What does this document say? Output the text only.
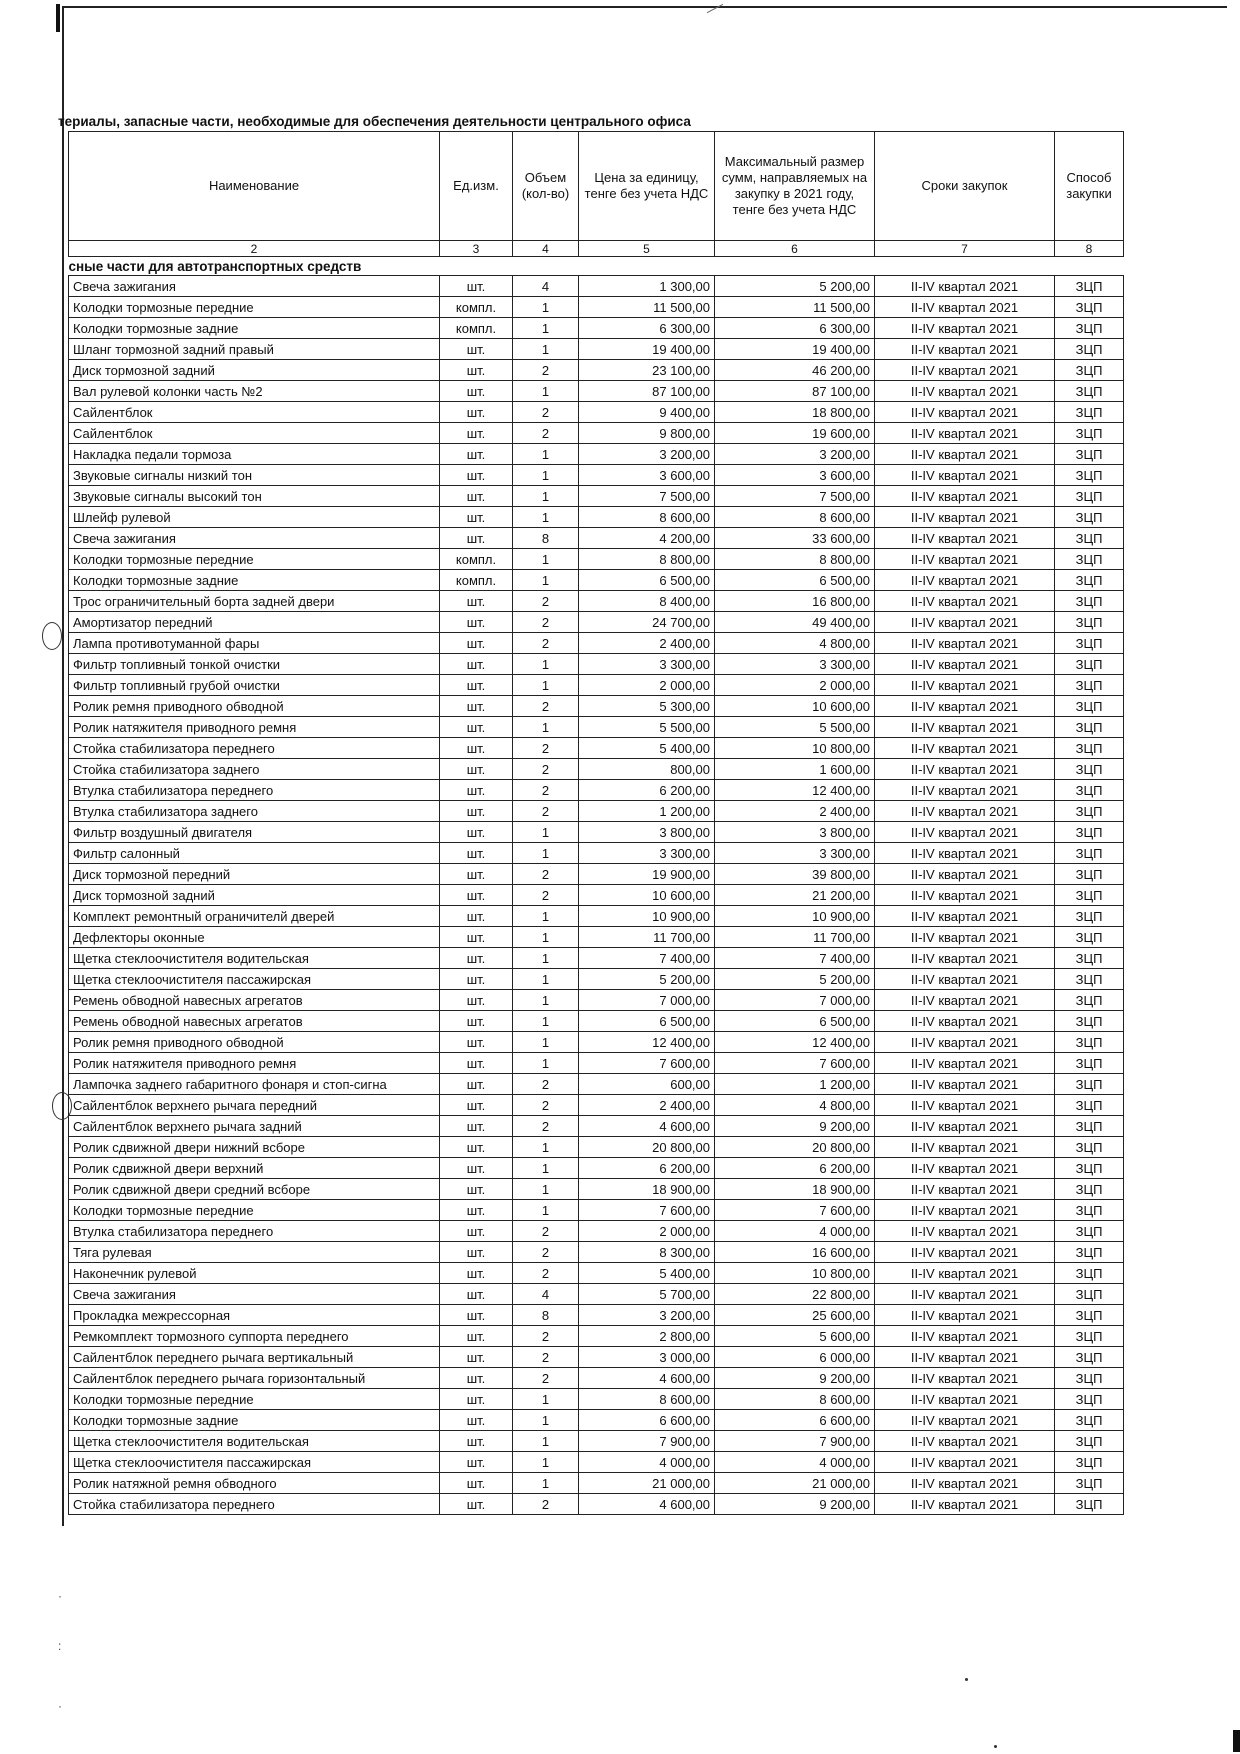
·
:
·
териалы, запасные части, необходимые для обеспечения деятельности центрального офиса
Наименование	Ед.изм.	Объем (кол-во)	Цена за единицу, тенге без учета НДС	Максимальный размер сумм, направляемых на закупку в 2021 году, тенге без учета НДС	Сроки закупок	Способ закупки
2	3	4	5	6	7	8
сные части для автотранспортных средств						
Свеча зажигания	шт.	4	1 300,00	5 200,00	II-IV квартал 2021	ЗЦП
Колодки тормозные передние	компл.	1	11 500,00	11 500,00	II-IV квартал 2021	ЗЦП
Колодки тормозные задние	компл.	1	6 300,00	6 300,00	II-IV квартал 2021	ЗЦП
Шланг тормозной задний правый	шт.	1	19 400,00	19 400,00	II-IV квартал 2021	ЗЦП
Диск тормозной задний	шт.	2	23 100,00	46 200,00	II-IV квартал 2021	ЗЦП
Вал рулевой колонки часть №2	шт.	1	87 100,00	87 100,00	II-IV квартал 2021	ЗЦП
Сайлентблок	шт.	2	9 400,00	18 800,00	II-IV квартал 2021	ЗЦП
Сайлентблок	шт.	2	9 800,00	19 600,00	II-IV квартал 2021	ЗЦП
Накладка педали тормоза	шт.	1	3 200,00	3 200,00	II-IV квартал 2021	ЗЦП
Звуковые сигналы низкий тон	шт.	1	3 600,00	3 600,00	II-IV квартал 2021	ЗЦП
Звуковые сигналы высокий тон	шт.	1	7 500,00	7 500,00	II-IV квартал 2021	ЗЦП
Шлейф рулевой	шт.	1	8 600,00	8 600,00	II-IV квартал 2021	ЗЦП
Свеча зажигания	шт.	8	4 200,00	33 600,00	II-IV квартал 2021	ЗЦП
Колодки тормозные передние	компл.	1	8 800,00	8 800,00	II-IV квартал 2021	ЗЦП
Колодки тормозные задние	компл.	1	6 500,00	6 500,00	II-IV квартал 2021	ЗЦП
Трос ограничительный борта задней двери	шт.	2	8 400,00	16 800,00	II-IV квартал 2021	ЗЦП
Амортизатор передний	шт.	2	24 700,00	49 400,00	II-IV квартал 2021	ЗЦП
Лампа противотуманной фары	шт.	2	2 400,00	4 800,00	II-IV квартал 2021	ЗЦП
Фильтр топливный тонкой очистки	шт.	1	3 300,00	3 300,00	II-IV квартал 2021	ЗЦП
Фильтр топливный грубой очистки	шт.	1	2 000,00	2 000,00	II-IV квартал 2021	ЗЦП
Ролик ремня приводного обводной	шт.	2	5 300,00	10 600,00	II-IV квартал 2021	ЗЦП
Ролик натяжителя приводного ремня	шт.	1	5 500,00	5 500,00	II-IV квартал 2021	ЗЦП
Стойка стабилизатора переднего	шт.	2	5 400,00	10 800,00	II-IV квартал 2021	ЗЦП
Стойка стабилизатора заднего	шт.	2	800,00	1 600,00	II-IV квартал 2021	ЗЦП
Втулка стабилизатора переднего	шт.	2	6 200,00	12 400,00	II-IV квартал 2021	ЗЦП
Втулка стабилизатора заднего	шт.	2	1 200,00	2 400,00	II-IV квартал 2021	ЗЦП
Фильтр воздушный двигателя	шт.	1	3 800,00	3 800,00	II-IV квартал 2021	ЗЦП
Фильтр салонный	шт.	1	3 300,00	3 300,00	II-IV квартал 2021	ЗЦП
Диск тормозной передний	шт.	2	19 900,00	39 800,00	II-IV квартал 2021	ЗЦП
Диск тормозной задний	шт.	2	10 600,00	21 200,00	II-IV квартал 2021	ЗЦП
Комплект ремонтный ограничителй дверей	шт.	1	10 900,00	10 900,00	II-IV квартал 2021	ЗЦП
Дефлекторы оконные	шт.	1	11 700,00	11 700,00	II-IV квартал 2021	ЗЦП
Щетка стеклоочистителя водительская	шт.	1	7 400,00	7 400,00	II-IV квартал 2021	ЗЦП
Щетка стеклоочистителя пассажирская	шт.	1	5 200,00	5 200,00	II-IV квартал 2021	ЗЦП
Ремень обводной навесных агрегатов	шт.	1	7 000,00	7 000,00	II-IV квартал 2021	ЗЦП
Ремень обводной навесных агрегатов	шт.	1	6 500,00	6 500,00	II-IV квартал 2021	ЗЦП
Ролик ремня приводного обводной	шт.	1	12 400,00	12 400,00	II-IV квартал 2021	ЗЦП
Ролик натяжителя приводного ремня	шт.	1	7 600,00	7 600,00	II-IV квартал 2021	ЗЦП
Лампочка заднего габаритного фонаря и стоп-сигна	шт.	2	600,00	1 200,00	II-IV квартал 2021	ЗЦП
Сайлентблок верхнего рычага передний	шт.	2	2 400,00	4 800,00	II-IV квартал 2021	ЗЦП
Сайлентблок верхнего рычага задний	шт.	2	4 600,00	9 200,00	II-IV квартал 2021	ЗЦП
Ролик сдвижной двери нижний всборе	шт.	1	20 800,00	20 800,00	II-IV квартал 2021	ЗЦП
Ролик сдвижной двери верхний	шт.	1	6 200,00	6 200,00	II-IV квартал 2021	ЗЦП
Ролик сдвижной двери средний всборе	шт.	1	18 900,00	18 900,00	II-IV квартал 2021	ЗЦП
Колодки тормозные передние	шт.	1	7 600,00	7 600,00	II-IV квартал 2021	ЗЦП
Втулка стабилизатора переднего	шт.	2	2 000,00	4 000,00	II-IV квартал 2021	ЗЦП
Тяга рулевая	шт.	2	8 300,00	16 600,00	II-IV квартал 2021	ЗЦП
Наконечник рулевой	шт.	2	5 400,00	10 800,00	II-IV квартал 2021	ЗЦП
Свеча зажигания	шт.	4	5 700,00	22 800,00	II-IV квартал 2021	ЗЦП
Прокладка межрессорная	шт.	8	3 200,00	25 600,00	II-IV квартал 2021	ЗЦП
Ремкомплект тормозного суппорта переднего	шт.	2	2 800,00	5 600,00	II-IV квартал 2021	ЗЦП
Сайлентблок переднего рычага вертикальный	шт.	2	3 000,00	6 000,00	II-IV квартал 2021	ЗЦП
Сайлентблок переднего рычага горизонтальный	шт.	2	4 600,00	9 200,00	II-IV квартал 2021	ЗЦП
Колодки тормозные передние	шт.	1	8 600,00	8 600,00	II-IV квартал 2021	ЗЦП
Колодки тормозные задние	шт.	1	6 600,00	6 600,00	II-IV квартал 2021	ЗЦП
Щетка стеклоочистителя водительская	шт.	1	7 900,00	7 900,00	II-IV квартал 2021	ЗЦП
Щетка стеклоочистителя пассажирская	шт.	1	4 000,00	4 000,00	II-IV квартал 2021	ЗЦП
Ролик натяжной ремня обводного	шт.	1	21 000,00	21 000,00	II-IV квартал 2021	ЗЦП
Стойка стабилизатора переднего	шт.	2	4 600,00	9 200,00	II-IV квартал 2021	ЗЦП
